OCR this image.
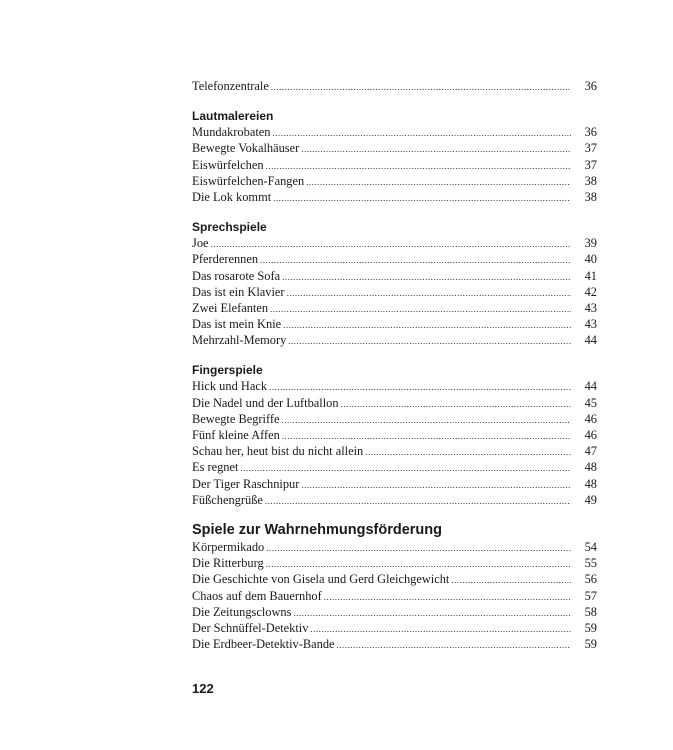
Telefonzentrale .....	36
Lautmalereien
Mundakrobaten .....	36
Bewegte Vokalhäuser .....	37
Eiswürfelchen .....	37
Eiswürfelchen-Fangen .....	38
Die Lok kommt .....	38
Sprechspiele
Joe .....	39
Pferderennen .....	40
Das rosarote Sofa .....	41
Das ist ein Klavier .....	42
Zwei Elefanten .....	43
Das ist mein Knie .....	43
Mehrzahl-Memory .....	44
Fingerspiele
Hick und Hack .....	44
Die Nadel und der Luftballon .....	45
Bewegte Begriffe .....	46
Fünf kleine Affen .....	46
Schau her, heut bist du nicht allein .....	47
Es regnet .....	48
Der Tiger Raschnipur .....	48
Füßchengrüße .....	49
Spiele zur Wahrnehmungsförderung
Körpermikado .....	54
Die Ritterburg .....	55
Die Geschichte von Gisela und Gerd Gleichgewicht .....	56
Chaos auf dem Bauernhof .....	57
Die Zeitungsclowns .....	58
Der Schnüffel-Detektiv .....	59
Die Erdbeer-Detektiv-Bande .....	59
122
